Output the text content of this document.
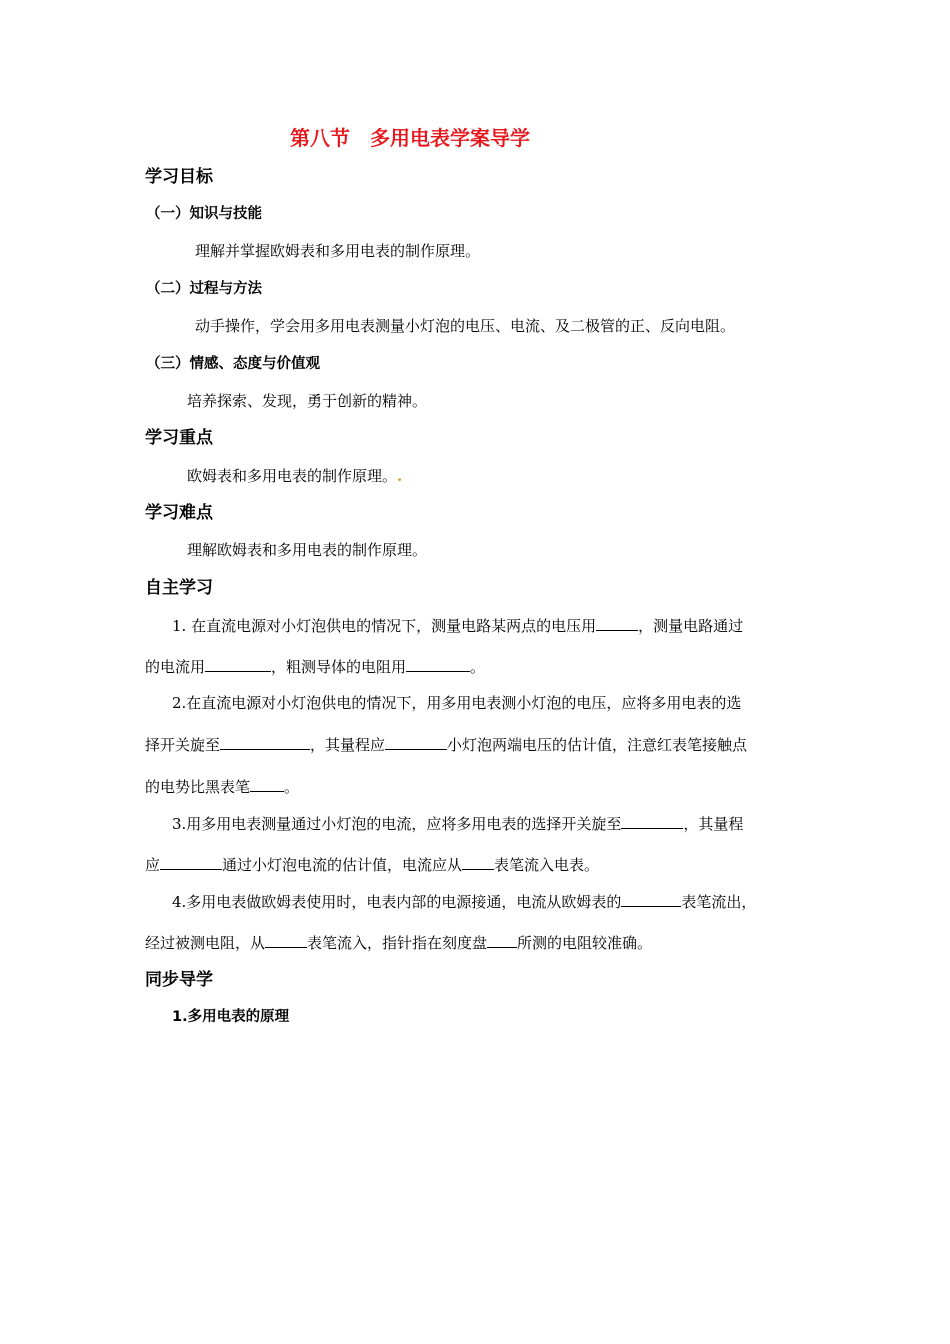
第八节　多用电表学案导学
学习目标
（一）知识与技能
理解并掌握欧姆表和多用电表的制作原理。
（二）过程与方法
动手操作，学会用多用电表测量小灯泡的电压、电流、及二极管的正、反向电阻。
（三）情感、态度与价值观
培养探索、发现，勇于创新的精神。
学习重点
欧姆表和多用电表的制作原理。.
学习难点
理解欧姆表和多用电表的制作原理。
自主学习
1. 在直流电源对小灯泡供电的情况下，测量电路某两点的电压用	，测量电路通过
的电流用	，粗测导体的电阻用	。
2.在直流电源对小灯泡供电的情况下，用多用电表测小灯泡的电压，应将多用电表的选
择开关旋至	，其量程应	小灯泡两端电压的估计值，注意红表笔接触点
的电势比黑表笔 。
3.用多用电表测量通过小灯泡的电流，应将多用电表的选择开关旋至	，其量程
应	通过小灯泡电流的估计值，电流应从 表笔流入电表。
4.多用电表做欧姆表使用时，电表内部的电源接通，电流从欧姆表的	表笔流出，
经过被测电阻，从	表笔流入，指针指在刻度盘 所测的电阻较准确。
同步导学
1.多用电表的原理
